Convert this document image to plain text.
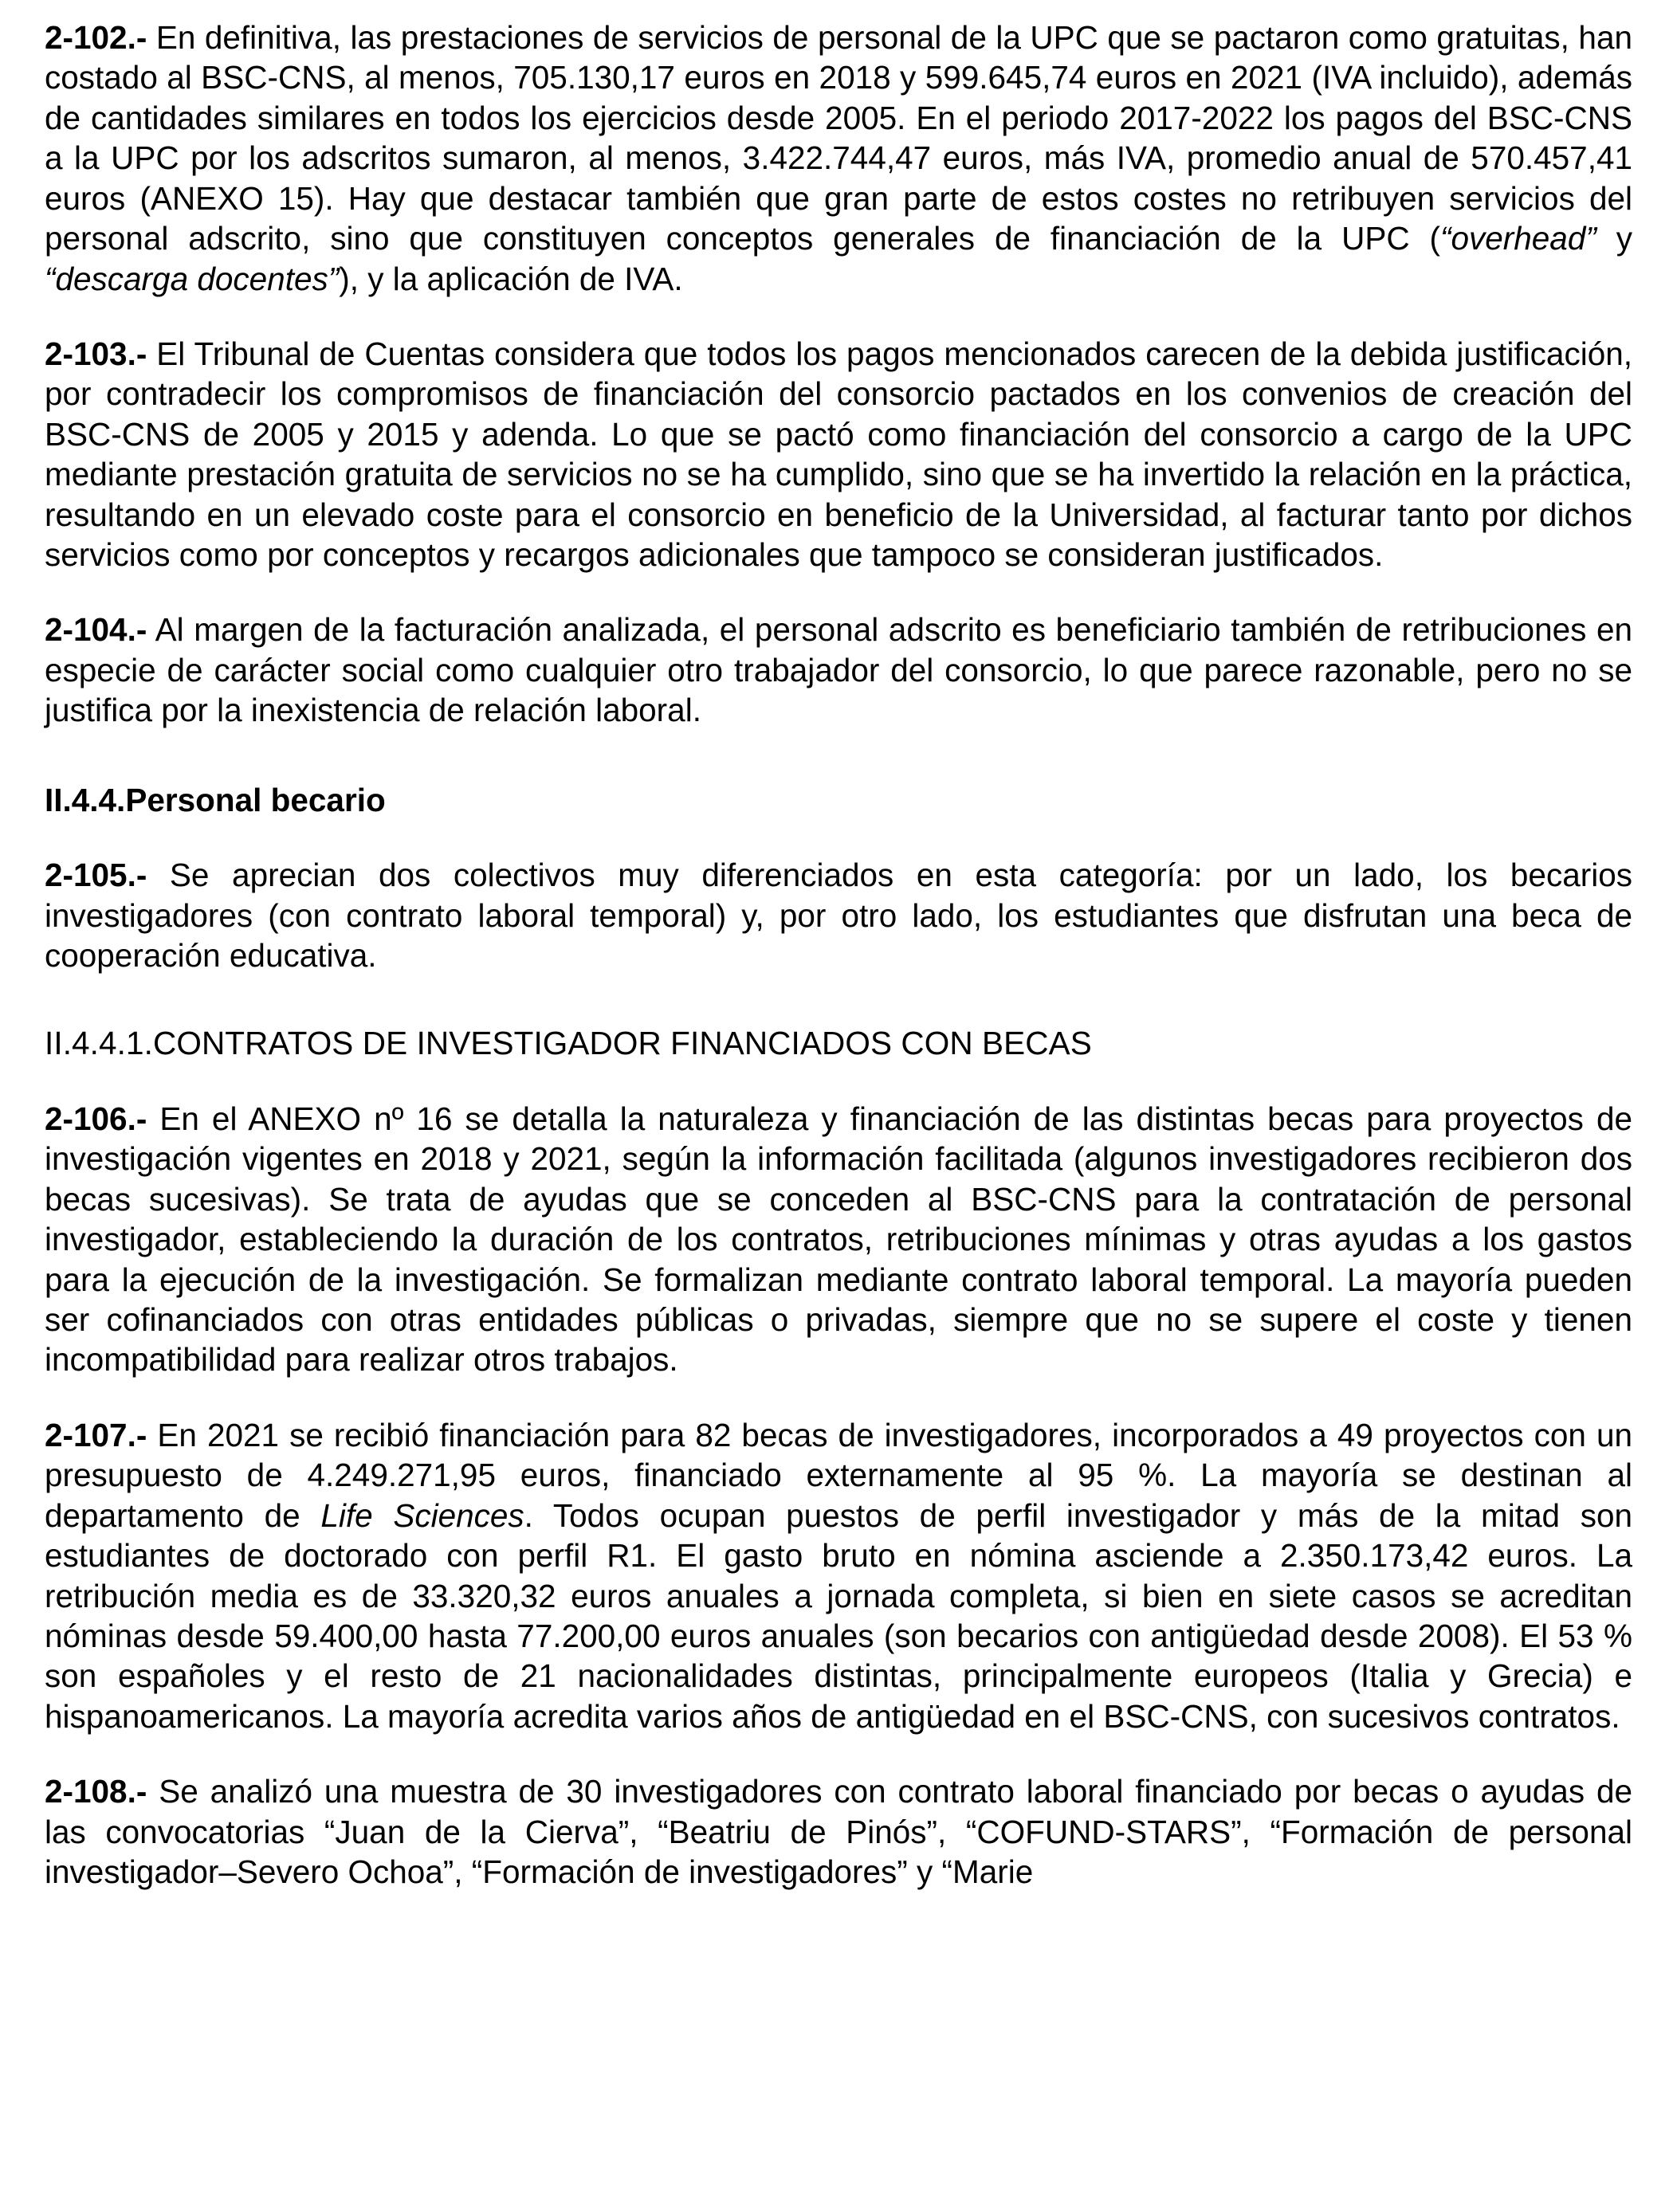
2-102.- En definitiva, las prestaciones de servicios de personal de la UPC que se pactaron como gratuitas, han costado al BSC-CNS, al menos, 705.130,17 euros en 2018 y 599.645,74 euros en 2021 (IVA incluido), además de cantidades similares en todos los ejercicios desde 2005. En el periodo 2017-2022 los pagos del BSC-CNS a la UPC por los adscritos sumaron, al menos, 3.422.744,47 euros, más IVA, promedio anual de 570.457,41 euros (ANEXO 15). Hay que destacar también que gran parte de estos costes no retribuyen servicios del personal adscrito, sino que constituyen conceptos generales de financiación de la UPC (“overhead” y “descarga docentes”), y la aplicación de IVA.

2-103.- El Tribunal de Cuentas considera que todos los pagos mencionados carecen de la debida justificación, por contradecir los compromisos de financiación del consorcio pactados en los convenios de creación del BSC-CNS de 2005 y 2015 y adenda. Lo que se pactó como financiación del consorcio a cargo de la UPC mediante prestación gratuita de servicios no se ha cumplido, sino que se ha invertido la relación en la práctica, resultando en un elevado coste para el consorcio en beneficio de la Universidad, al facturar tanto por dichos servicios como por conceptos y recargos adicionales que tampoco se consideran justificados.

2-104.- Al margen de la facturación analizada, el personal adscrito es beneficiario también de retribuciones en especie de carácter social como cualquier otro trabajador del consorcio, lo que parece razonable, pero no se justifica por la inexistencia de relación laboral.

II.4.4.Personal becario

2-105.- Se aprecian dos colectivos muy diferenciados en esta categoría: por un lado, los becarios investigadores (con contrato laboral temporal) y, por otro lado, los estudiantes que disfrutan una beca de cooperación educativa.

II.4.4.1.CONTRATOS DE INVESTIGADOR FINANCIADOS CON BECAS

2-106.- En el ANEXO nº 16 se detalla la naturaleza y financiación de las distintas becas para proyectos de investigación vigentes en 2018 y 2021, según la información facilitada (algunos investigadores recibieron dos becas sucesivas). Se trata de ayudas que se conceden al BSC-CNS para la contratación de personal investigador, estableciendo la duración de los contratos, retribuciones mínimas y otras ayudas a los gastos para la ejecución de la investigación. Se formalizan mediante contrato laboral temporal. La mayoría pueden ser cofinanciados con otras entidades públicas o privadas, siempre que no se supere el coste y tienen incompatibilidad para realizar otros trabajos.

2-107.- En 2021 se recibió financiación para 82 becas de investigadores, incorporados a 49 proyectos con un presupuesto de 4.249.271,95 euros, financiado externamente al 95 %. La mayoría se destinan al departamento de Life Sciences. Todos ocupan puestos de perfil investigador y más de la mitad son estudiantes de doctorado con perfil R1. El gasto bruto en nómina asciende a 2.350.173,42 euros. La retribución media es de 33.320,32 euros anuales a jornada completa, si bien en siete casos se acreditan nóminas desde 59.400,00 hasta 77.200,00 euros anuales (son becarios con antigüedad desde 2008). El 53 % son españoles y el resto de 21 nacionalidades distintas, principalmente europeos (Italia y Grecia) e hispanoamericanos. La mayoría acredita varios años de antigüedad en el BSC-CNS, con sucesivos contratos.

2-108.- Se analizó una muestra de 30 investigadores con contrato laboral financiado por becas o ayudas de las convocatorias “Juan de la Cierva”, “Beatriu de Pinós”, “COFUND-STARS”, “Formación de personal investigador–Severo Ochoa”, “Formación de investigadores” y “Marie
